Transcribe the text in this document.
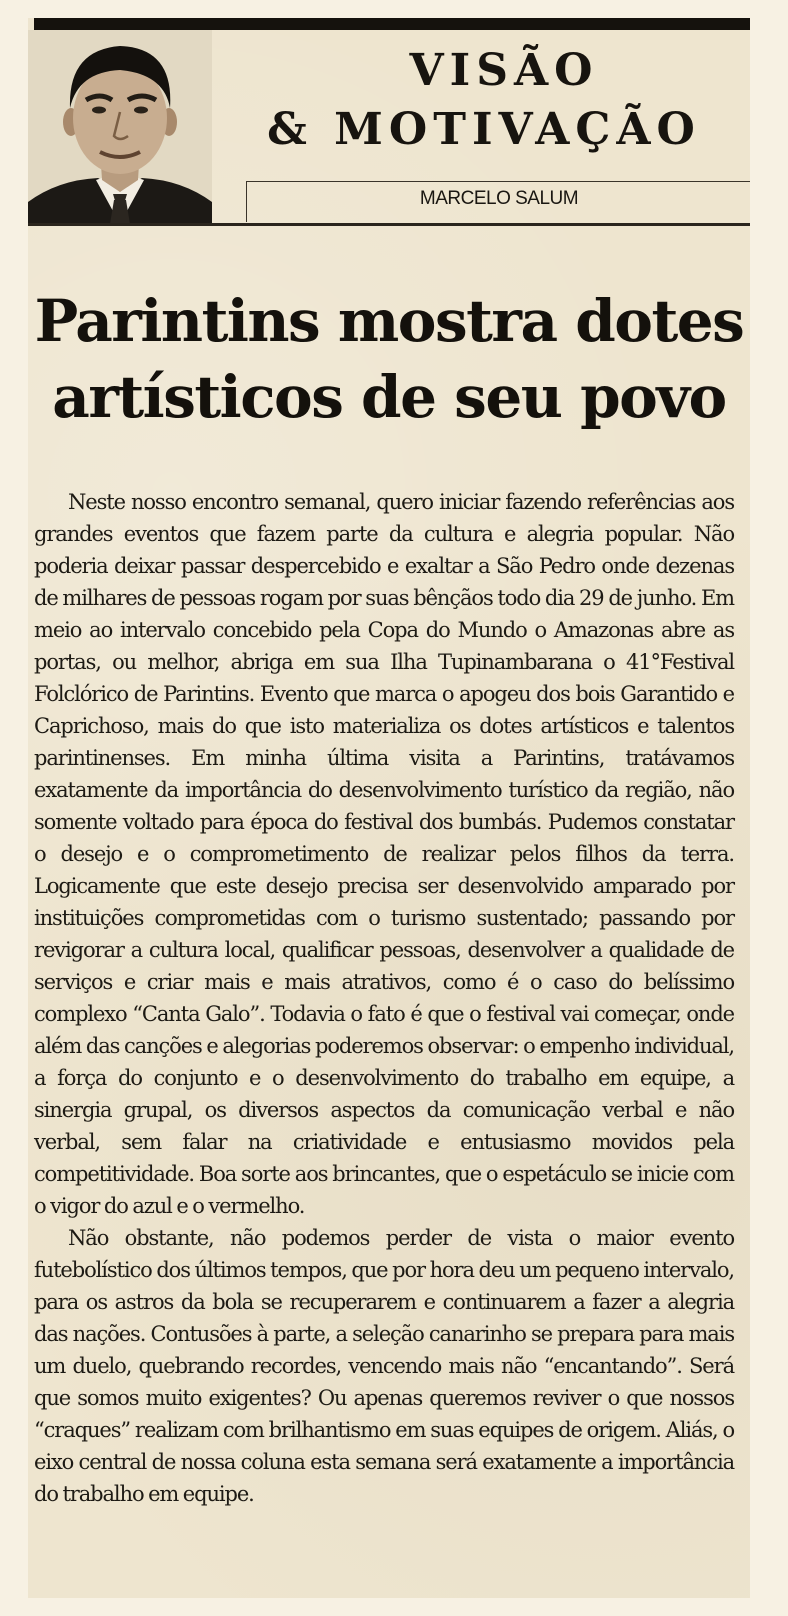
VISÃO
& MOTIVAÇÃO
MARCELO SALUM
Parintins mostra dotes
artísticos de seu povo

Neste nosso encontro semanal, quero iniciar fazendo referências aos grandes eventos que fazem parte da cultura e alegria popular. Não poderia deixar passar despercebido e exaltar a São Pedro onde dezenas de milhares de pessoas rogam por suas bênçãos todo dia 29 de junho. Em meio ao intervalo concebido pela Copa do Mundo o Amazonas abre as portas, ou melhor, abriga em sua Ilha Tupinambarana o 41°Festival Folclórico de Parintins. Evento que marca o apogeu dos bois Garantido e Caprichoso, mais do que isto materializa os dotes artísticos e talentos parintinenses. Em minha última visita a Parintins, tratávamos exatamente da importância do desenvolvimento turístico da região, não somente voltado para época do festival dos bumbás. Pudemos constatar o desejo e o comprometimento de realizar pelos filhos da terra. Logicamente que este desejo precisa ser desenvolvido amparado por instituições comprometidas com o turismo sustentado; passando por revigorar a cultura local, qualificar pessoas, desenvolver a qualidade de serviços e criar mais e mais atrativos, como é o caso do belíssimo complexo “Canta Galo”. Todavia o fato é que o festival vai começar, onde além das canções e alegorias poderemos observar: o empenho individual, a força do conjunto e o desenvolvimento do trabalho em equipe, a sinergia grupal, os diversos aspectos da comunicação verbal e não verbal, sem falar na criatividade e entusiasmo movidos pela competitividade. Boa sorte aos brincantes, que o espetáculo se inicie com o vigor do azul e o vermelho.

Não obstante, não podemos perder de vista o maior evento futebolístico dos últimos tempos, que por hora deu um pequeno intervalo, para os astros da bola se recuperarem e continuarem a fazer a alegria das nações. Contusões à parte, a seleção canarinho se prepara para mais um duelo, quebrando recordes, vencendo mais não “encantando”. Será que somos muito exigentes? Ou apenas queremos reviver o que nossos “craques” realizam com brilhantismo em suas equipes de origem. Aliás, o eixo central de nossa coluna esta semana será exatamente a importância do trabalho em equipe.
